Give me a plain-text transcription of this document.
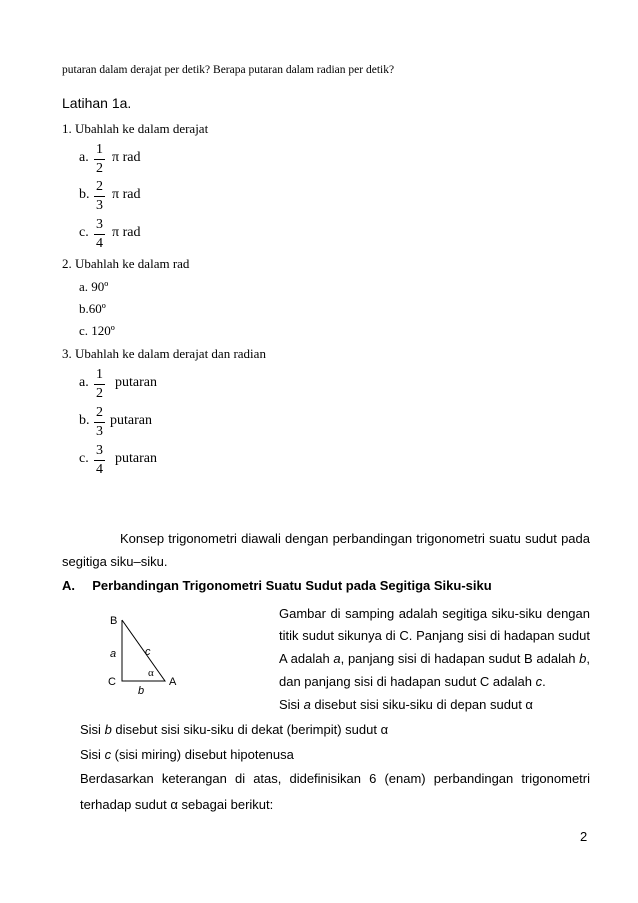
putaran dalam derajat per detik? Berapa putaran dalam radian per detik?
Latihan 1a.
1. Ubahlah ke dalam derajat
a.
1
2
π rad
b.
2
3
π rad
c.
3
4
π rad
2. Ubahlah ke dalam rad
a. 90º
b.60º
c. 120º
3. Ubahlah ke dalam derajat dan radian
a.
1
2
putaran
b.
2
3
putaran
c.
3
4
putaran
Konsep trigonometri diawali dengan perbandingan trigonometri suatu sudut pada
segitiga siku–siku.
A. Perbandingan Trigonometri Suatu Sudut pada Segitiga Siku-siku
B
a	c
α
C	A
b
Gambar di samping adalah segitiga siku-siku dengan
titik sudut sikunya di C. Panjang sisi di hadapan sudut
A adalah a, panjang sisi di hadapan sudut B adalah b,
dan panjang sisi di hadapan sudut C adalah c.
Sisi a disebut sisi siku-siku di depan sudut α
Sisi b disebut sisi siku-siku di dekat (berimpit) sudut α
Sisi c (sisi miring) disebut hipotenusa
Berdasarkan keterangan di atas, didefinisikan 6 (enam) perbandingan trigonometri
terhadap sudut α sebagai berikut:
2
